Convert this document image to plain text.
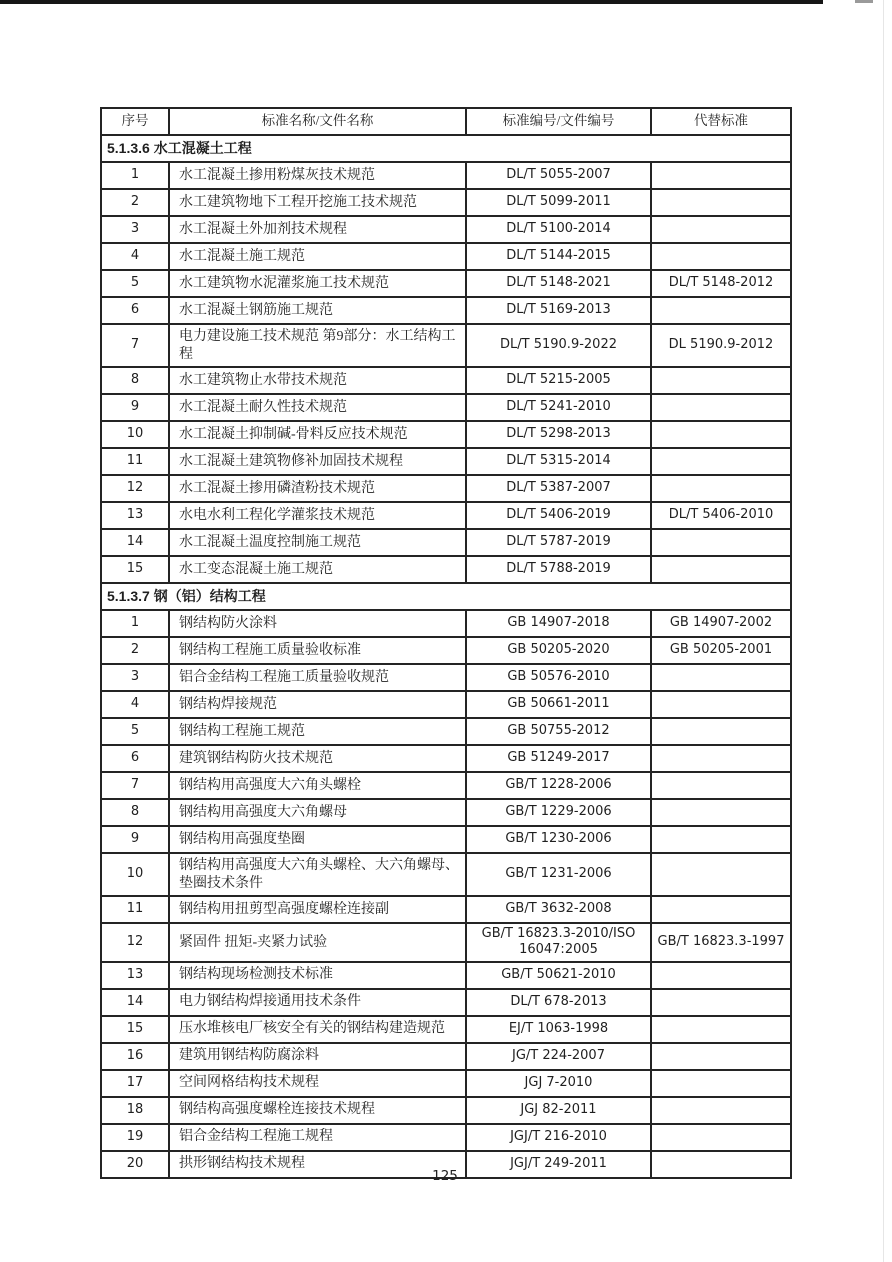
序号	标准名称/文件名称	标准编号/文件编号	代替标准
5.1.3.6 水工混凝土工程			
1	水工混凝土掺用粉煤灰技术规范	DL/T 5055-2007	
2	水工建筑物地下工程开挖施工技术规范	DL/T 5099-2011	
3	水工混凝土外加剂技术规程	DL/T 5100-2014	
4	水工混凝土施工规范	DL/T 5144-2015	
5	水工建筑物水泥灌浆施工技术规范	DL/T 5148-2021	DL/T 5148-2012
6	水工混凝土钢筋施工规范	DL/T 5169-2013	
7	电力建设施工技术规范 第9部分：水工结构工程	DL/T 5190.9-2022	DL 5190.9-2012
8	水工建筑物止水带技术规范	DL/T 5215-2005	
9	水工混凝土耐久性技术规范	DL/T 5241-2010	
10	水工混凝土抑制碱-骨料反应技术规范	DL/T 5298-2013	
11	水工混凝土建筑物修补加固技术规程	DL/T 5315-2014	
12	水工混凝土掺用磷渣粉技术规范	DL/T 5387-2007	
13	水电水利工程化学灌浆技术规范	DL/T 5406-2019	DL/T 5406-2010
14	水工混凝土温度控制施工规范	DL/T 5787-2019	
15	水工变态混凝土施工规范	DL/T 5788-2019	
5.1.3.7 钢（铝）结构工程			
1	钢结构防火涂料	GB 14907-2018	GB 14907-2002
2	钢结构工程施工质量验收标准	GB 50205-2020	GB 50205-2001
3	铝合金结构工程施工质量验收规范	GB 50576-2010	
4	钢结构焊接规范	GB 50661-2011	
5	钢结构工程施工规范	GB 50755-2012	
6	建筑钢结构防火技术规范	GB 51249-2017	
7	钢结构用高强度大六角头螺栓	GB/T 1228-2006	
8	钢结构用高强度大六角螺母	GB/T 1229-2006	
9	钢结构用高强度垫圈	GB/T 1230-2006	
10	钢结构用高强度大六角头螺栓、大六角螺母、垫圈技术条件	GB/T 1231-2006	
11	钢结构用扭剪型高强度螺栓连接副	GB/T 3632-2008	
12	紧固件 扭矩-夹紧力试验	GB/T 16823.3-2010/ISO 16047:2005	GB/T 16823.3-1997
13	钢结构现场检测技术标准	GB/T 50621-2010	
14	电力钢结构焊接通用技术条件	DL/T 678-2013	
15	压水堆核电厂核安全有关的钢结构建造规范	EJ/T 1063-1998	
16	建筑用钢结构防腐涂料	JG/T 224-2007	
17	空间网格结构技术规程	JGJ 7-2010	
18	钢结构高强度螺栓连接技术规程	JGJ 82-2011	
19	铝合金结构工程施工规程	JGJ/T 216-2010	
20	拱形钢结构技术规程	JGJ/T 249-2011	
125
